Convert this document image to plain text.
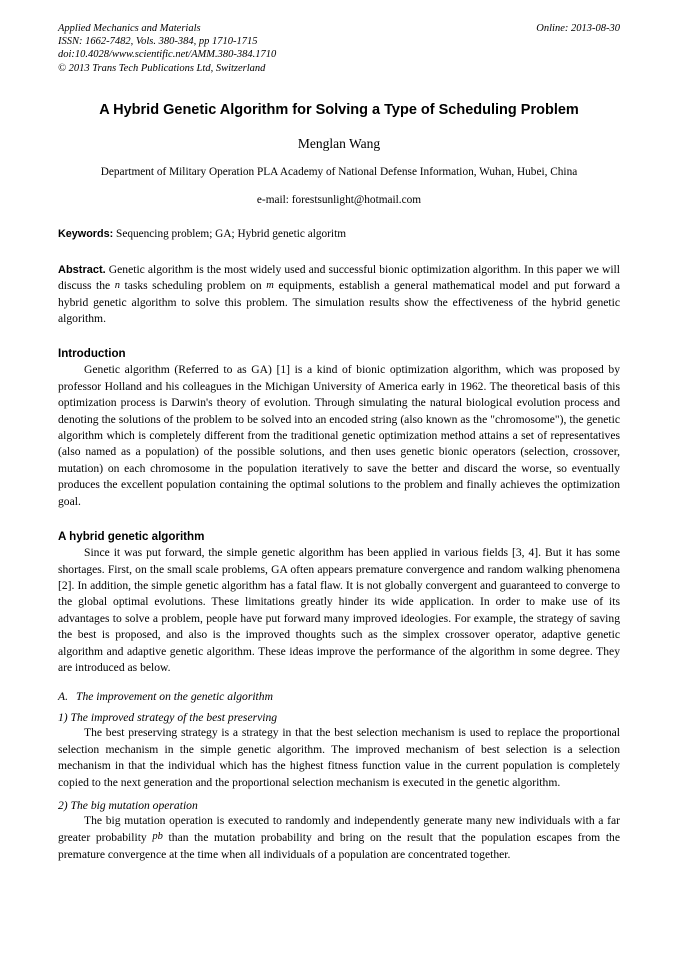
Applied Mechanics and Materials
ISSN: 1662-7482, Vols. 380-384, pp 1710-1715
doi:10.4028/www.scientific.net/AMM.380-384.1710
© 2013 Trans Tech Publications Ltd, Switzerland
Online: 2013-08-30
A Hybrid Genetic Algorithm for Solving a Type of Scheduling Problem
Menglan Wang
Department of Military Operation PLA Academy of National Defense Information, Wuhan, Hubei, China
e-mail: forestsunlight@hotmail.com
Keywords: Sequencing problem; GA; Hybrid genetic algoritm
Abstract. Genetic algorithm is the most widely used and successful bionic optimization algorithm. In this paper we will discuss the n tasks scheduling problem on m equipments, establish a general mathematical model and put forward a hybrid genetic algorithm to solve this problem. The simulation results show the effectiveness of the hybrid genetic algorithm.
Introduction

Genetic algorithm (Referred to as GA) [1] is a kind of bionic optimization algorithm, which was proposed by professor Holland and his colleagues in the Michigan University of America early in 1962. The theoretical basis of this optimization process is Darwin's theory of evolution. Through simulating the natural biological evolution process and denoting the solutions of the problem to be solved into an encoded string (also known as the "chromosome"), the genetic algorithm which is completely different from the traditional genetic optimization method attains a set of representatives (also named as a population) of the possible solutions, and then uses genetic bionic operators (selection, crossover, mutation) on each chromosome in the population iteratively to save the better and discard the worse, so eventually produces the excellent population containing the optimal solutions to the problem and finally achieves the optimization goal.

A hybrid genetic algorithm

Since it was put forward, the simple genetic algorithm has been applied in various fields [3, 4]. But it has some shortages. First, on the small scale problems, GA often appears premature convergence and random walking phenomena [2]. In addition, the simple genetic algorithm has a fatal flaw. It is not globally convergent and guaranteed to converge to the global optimal evolutions. These limitations greatly hinder its wide application. In order to make use of its advantages to solve a problem, people have put forward many improved ideologies. For example, the strategy of saving the best is proposed, and also is the improved thoughts such as the simplex crossover operator, adaptive genetic algorithm and adaptive genetic algorithm. These ideas improve the performance of the algorithm in some degree. They are introduced as below.

A. The improvement on the genetic algorithm
1) The improved strategy of the best preserving

The best preserving strategy is a strategy in that the best selection mechanism is used to replace the proportional selection mechanism in the simple genetic algorithm. The improved mechanism of best selection is a selection mechanism in that the individual which has the highest fitness function value in the current population is completely copied to the next generation and the proportional selection mechanism is executed in the genetic algorithm.

2) The big mutation operation

The big mutation operation is executed to randomly and independently generate many new individuals with a far greater probability pb than the mutation probability and bring on the result that the population escapes from the premature convergence at the time when all individuals of a population are concentrated together.
